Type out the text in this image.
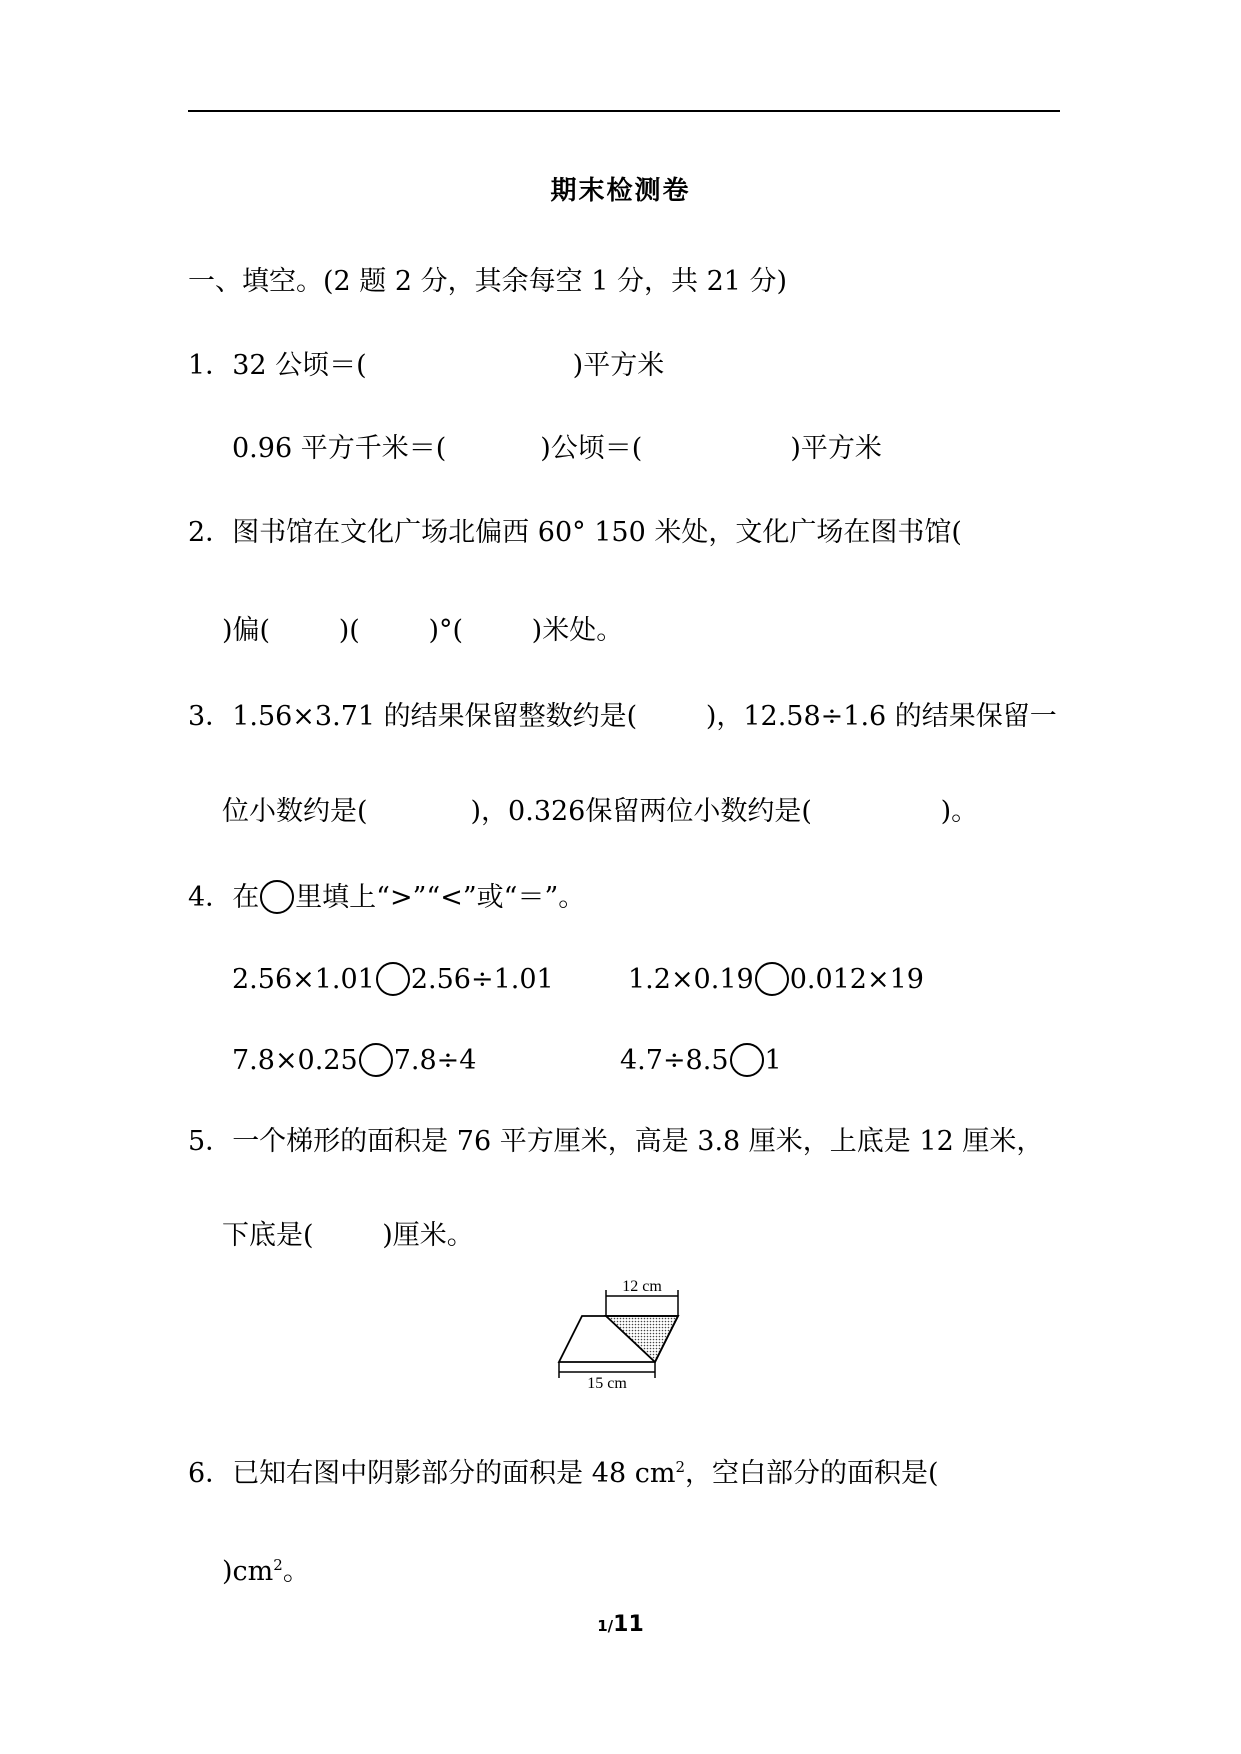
期末检测卷
一、填空。(2 题 2 分，其余每空 1 分，共 21 分)
1．32 公顷＝(	)平方米
0.96 平方千米＝(	)公顷＝(	)平方米
2．图书馆在文化广场北偏西 60° 150 米处，文化广场在图书馆(
)偏(        )(        )°(        )米处。
3．1.56×3.71 的结果保留整数约是(        )，12.58÷1.6 的结果保留一
位小数约是(            )，0.326保留两位小数约是(               )。
4．在 里填上“>”“<”或“＝”。
2.56×1.01 2.56÷1.01	1.2×0.19 0.012×19
7.8×0.25 7.8÷4	4.7÷8.5 1
5．一个梯形的面积是 76 平方厘米，高是 3.8 厘米，上底是 12 厘米，
下底是(        )厘米。
12 cm
15 cm
6．已知右图中阴影部分的面积是 48 $cm^2$，空白部分的面积是(
)$cm^2$。
1/11
